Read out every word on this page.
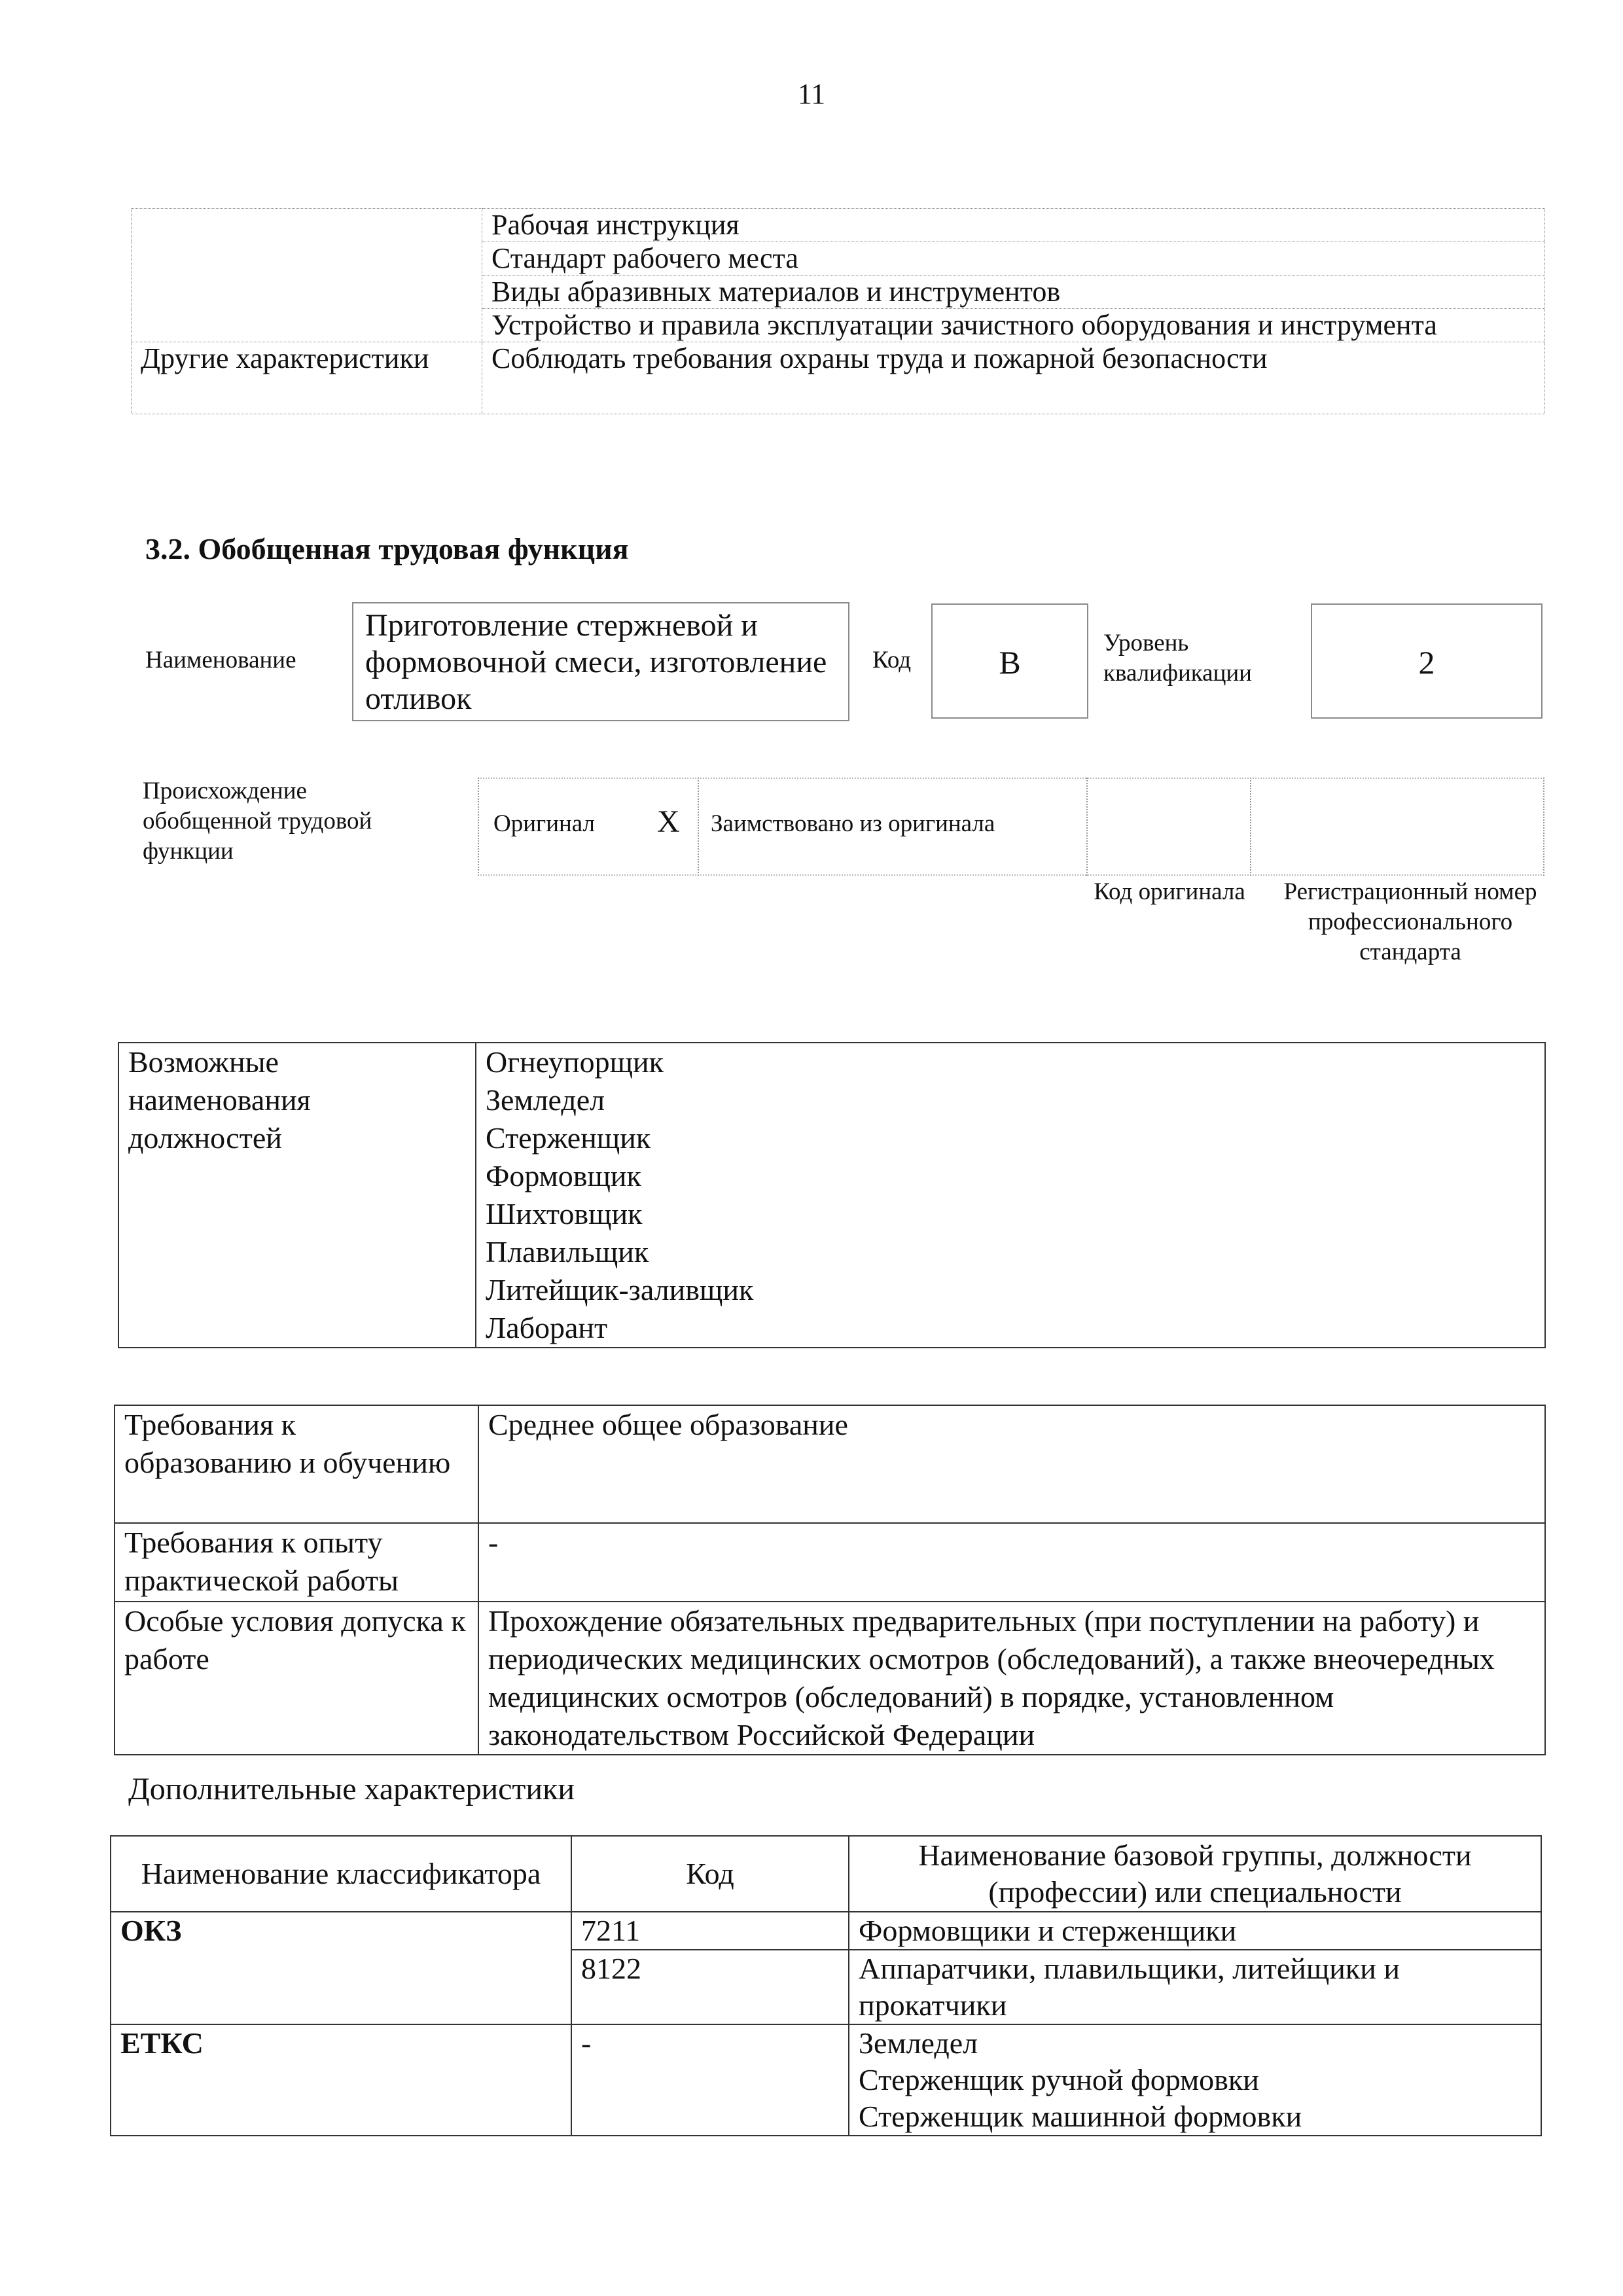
11
	Рабочая инструкция
	Стандарт рабочего места
	Виды абразивных материалов и инструментов
	Устройство и правила эксплуатации зачистного оборудования и инструмента
Другие характеристики	Соблюдать требования охраны труда и пожарной безопасности
3.2. Обобщенная трудовая функция
Наименование
Приготовление стержневой и формовочной смеси, изготовление отливок
Код	В
Уровень квалификации	2
Происхождение обобщенной трудовой функции
Оригинал X Заимствовано из оригинала
Код оригинала	Регистрационный номер профессионального стандарта
Возможные наименования должностей	
Огнеупорщик
Земледел
Стерженщик
Формовщик
Шихтовщик
Плавильщик
Литейщик-заливщик
Лаборант
Требования к образованию и обучению	Среднее общее образование
Требования к опыту практической работы	-
Особые условия допуска к работе	Прохождение обязательных предварительных (при поступлении на работу) и периодических медицинских осмотров (обследований), а также внеочередных медицинских осмотров (обследований) в порядке, установленном законодательством Российской Федерации
Дополнительные характеристики
Наименование классификатора	Код	Наименование базовой группы, должности (профессии) или специальности
ОКЗ	7211	Формовщики и стерженщики
	8122	Аппаратчики, плавильщики, литейщики и прокатчики
ЕТКС	-	Земледел
Стерженщик ручной формовки
Стерженщик машинной формовки
